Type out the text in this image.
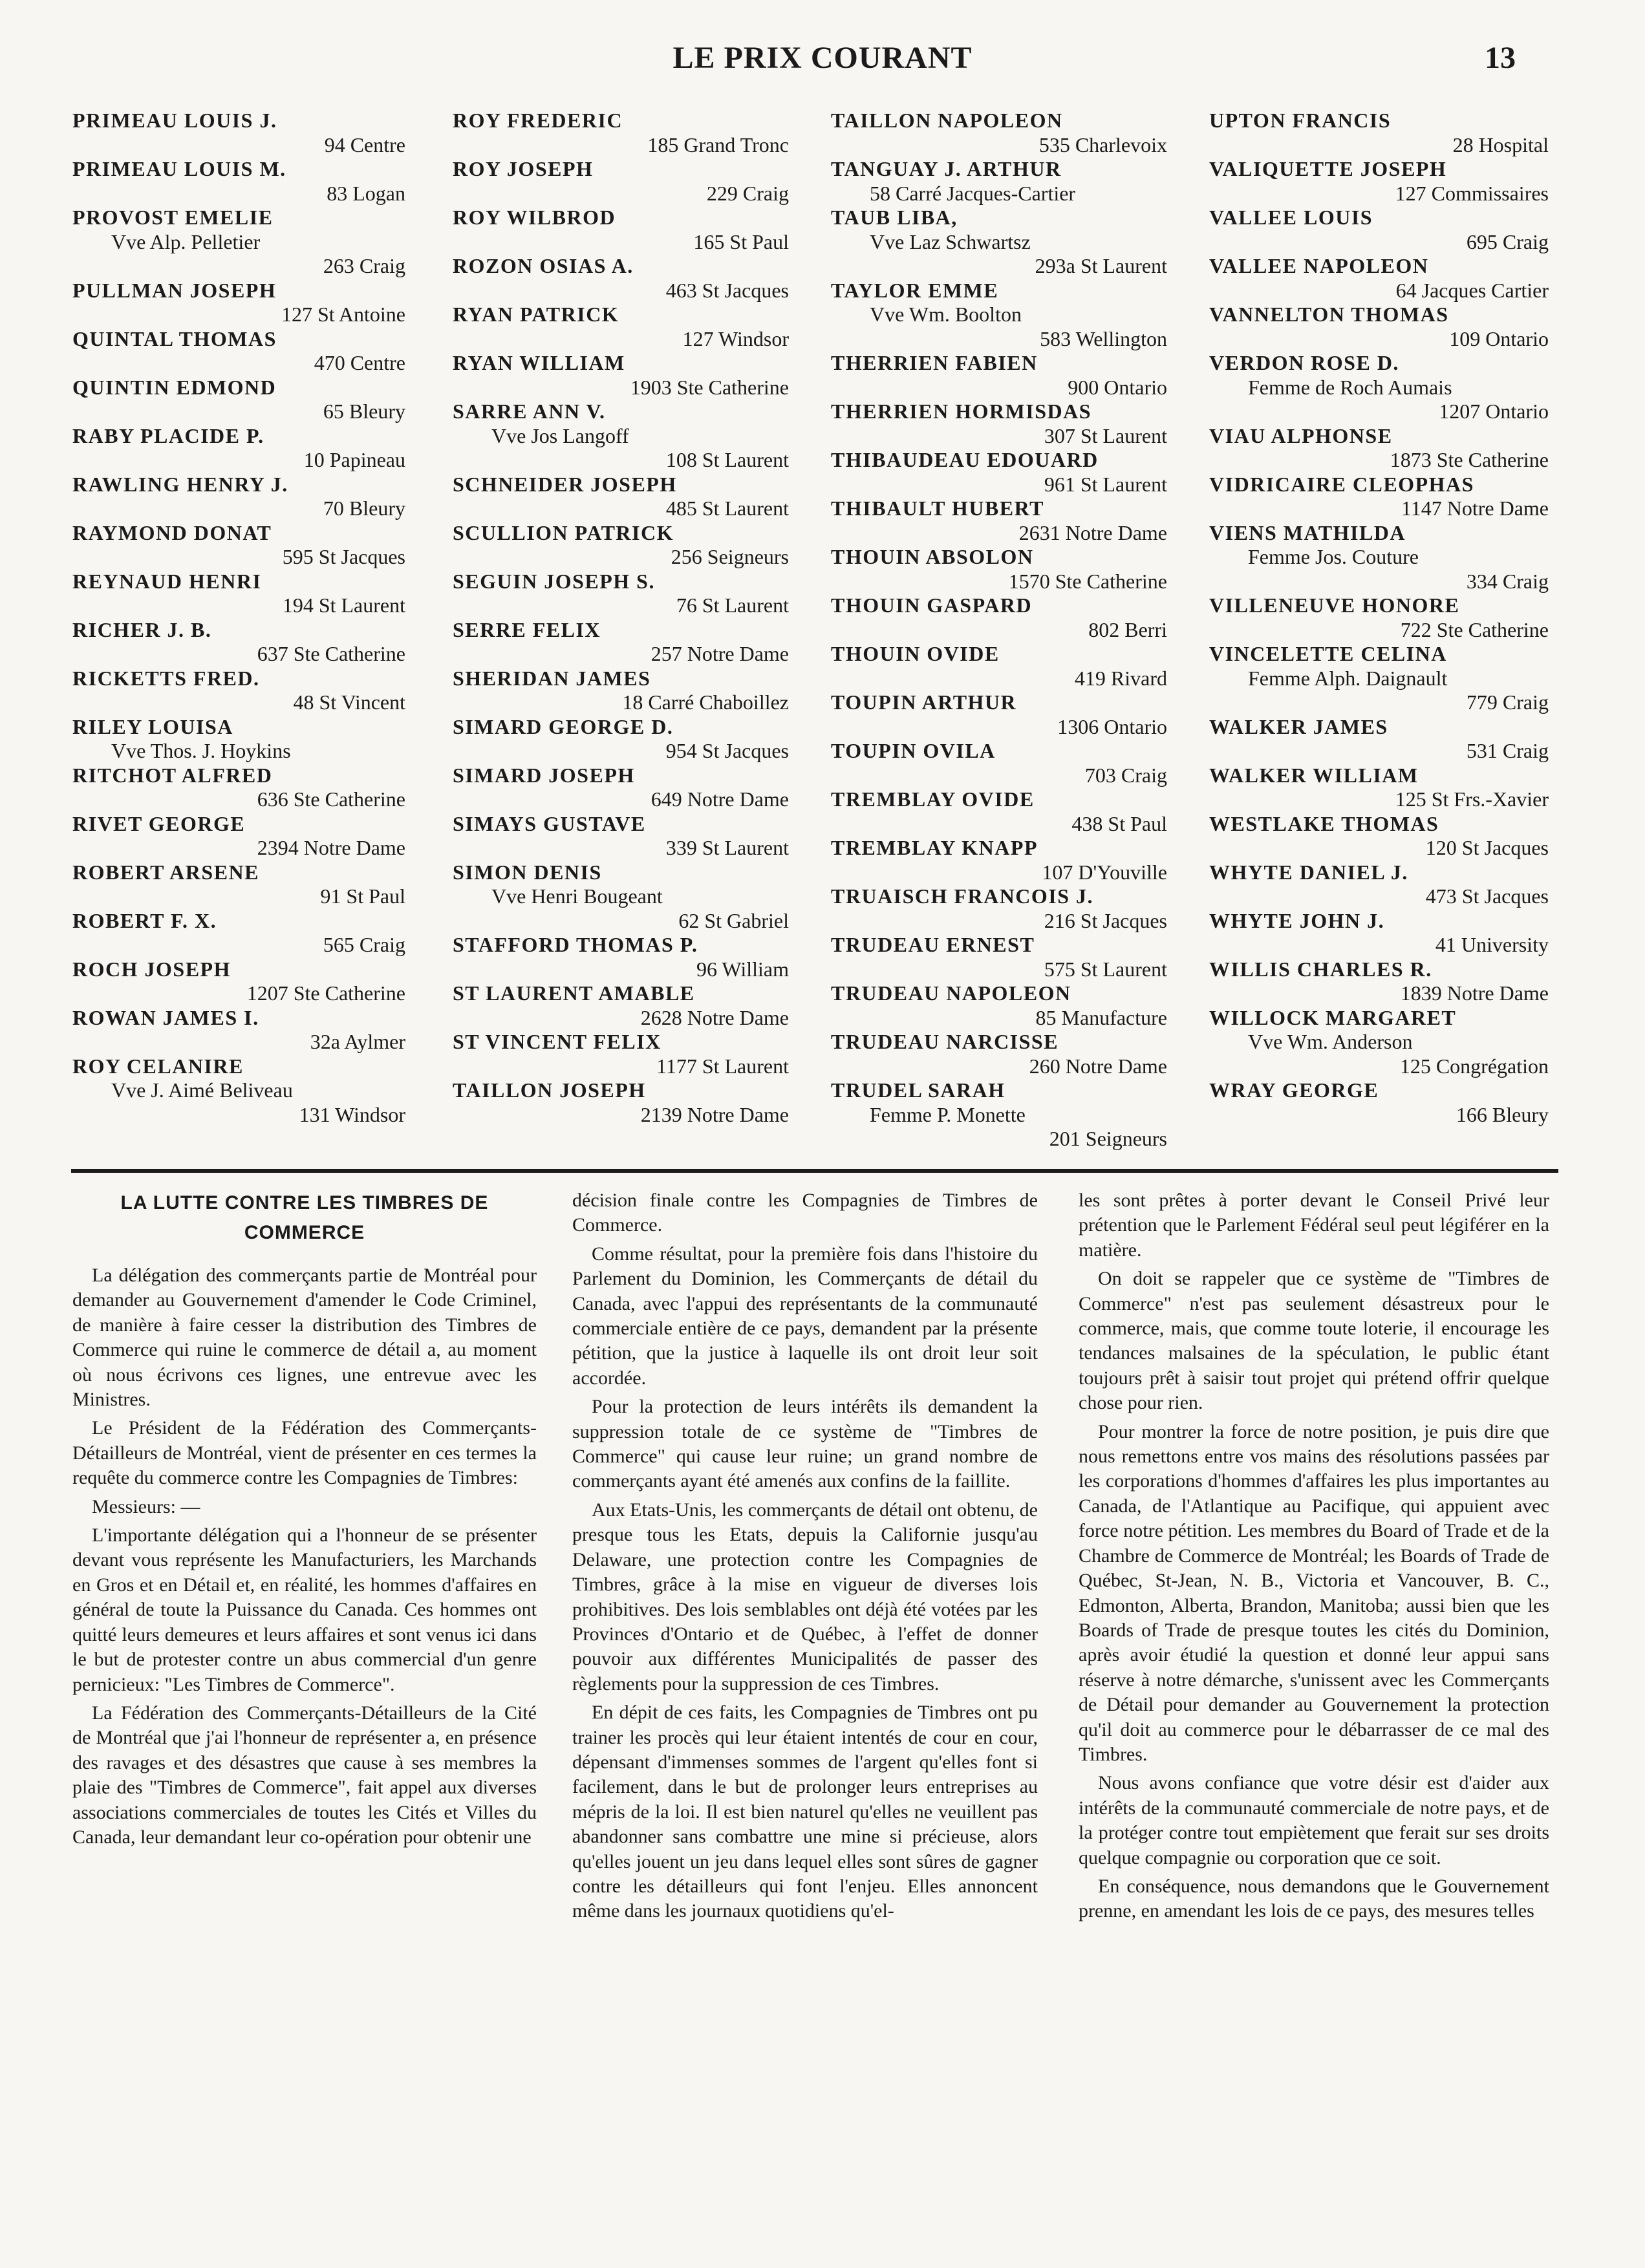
LE PRIX COURANT	13
PRIMEAU LOUIS J.
94 Centre
PRIMEAU LOUIS M.
83 Logan
PROVOST EMELIE
Vve Alp. Pelletier
263 Craig
PULLMAN JOSEPH
127 St Antoine
QUINTAL THOMAS
470 Centre
QUINTIN EDMOND
65 Bleury
RABY PLACIDE P.
10 Papineau
RAWLING HENRY J.
70 Bleury
RAYMOND DONAT
595 St Jacques
REYNAUD HENRI
194 St Laurent
RICHER J. B.
637 Ste Catherine
RICKETTS FRED.
48 St Vincent
RILEY LOUISA
Vve Thos. J. Hoykins
RITCHOT ALFRED
636 Ste Catherine
RIVET GEORGE
2394 Notre Dame
ROBERT ARSENE
91 St Paul
ROBERT F. X.
565 Craig
ROCH JOSEPH
1207 Ste Catherine
ROWAN JAMES I.
32a Aylmer
ROY CELANIRE
Vve J. Aimé Beliveau
131 Windsor
ROY FREDERIC
185 Grand Tronc
ROY JOSEPH
229 Craig
ROY WILBROD
165 St Paul
ROZON OSIAS A.
463 St Jacques
RYAN PATRICK
127 Windsor
RYAN WILLIAM
1903 Ste Catherine
SARRE ANN V.
Vve Jos Langoff
108 St Laurent
SCHNEIDER JOSEPH
485 St Laurent
SCULLION PATRICK
256 Seigneurs
SEGUIN JOSEPH S.
76 St Laurent
SERRE FELIX
257 Notre Dame
SHERIDAN JAMES
18 Carré Chaboillez
SIMARD GEORGE D.
954 St Jacques
SIMARD JOSEPH
649 Notre Dame
SIMAYS GUSTAVE
339 St Laurent
SIMON DENIS
Vve Henri Bougeant
62 St Gabriel
STAFFORD THOMAS P.
96 William
ST LAURENT AMABLE
2628 Notre Dame
ST VINCENT FELIX
1177 St Laurent
TAILLON JOSEPH
2139 Notre Dame
TAILLON NAPOLEON
535 Charlevoix
TANGUAY J. ARTHUR
58 Carré Jacques-Cartier
TAUB LIBA,
Vve Laz Schwartsz
293a St Laurent
TAYLOR EMME
Vve Wm. Boolton
583 Wellington
THERRIEN FABIEN
900 Ontario
THERRIEN HORMISDAS
307 St Laurent
THIBAUDEAU EDOUARD
961 St Laurent
THIBAULT HUBERT
2631 Notre Dame
THOUIN ABSOLON
1570 Ste Catherine
THOUIN GASPARD
802 Berri
THOUIN OVIDE
419 Rivard
TOUPIN ARTHUR
1306 Ontario
TOUPIN OVILA
703 Craig
TREMBLAY OVIDE
438 St Paul
TREMBLAY KNAPP
107 D'Youville
TRUAISCH FRANCOIS J.
216 St Jacques
TRUDEAU ERNEST
575 St Laurent
TRUDEAU NAPOLEON
85 Manufacture
TRUDEAU NARCISSE
260 Notre Dame
TRUDEL SARAH
Femme P. Monette
201 Seigneurs
UPTON FRANCIS
28 Hospital
VALIQUETTE JOSEPH
127 Commissaires
VALLEE LOUIS
695 Craig
VALLEE NAPOLEON
64 Jacques Cartier
VANNELTON THOMAS
109 Ontario
VERDON ROSE D.
Femme de Roch Aumais
1207 Ontario
VIAU ALPHONSE
1873 Ste Catherine
VIDRICAIRE CLEOPHAS
1147 Notre Dame
VIENS MATHILDA
Femme Jos. Couture
334 Craig
VILLENEUVE HONORE
722 Ste Catherine
VINCELETTE CELINA
Femme Alph. Daignault
779 Craig
WALKER JAMES
531 Craig
WALKER WILLIAM
125 St Frs.-Xavier
WESTLAKE THOMAS
120 St Jacques
WHYTE DANIEL J.
473 St Jacques
WHYTE JOHN J.
41 University
WILLIS CHARLES R.
1839 Notre Dame
WILLOCK MARGARET
Vve Wm. Anderson
125 Congrégation
WRAY GEORGE
166 Bleury
LA LUTTE CONTRE LES TIMBRES DE COMMERCE

La délégation des commerçants partie de Montréal pour demander au Gouvernement d'amender le Code Criminel, de manière à faire cesser la distribution des Timbres de Commerce qui ruine le commerce de détail a, au moment où nous écrivons ces lignes, une entrevue avec les Ministres.

Le Président de la Fédération des Commerçants-Détailleurs de Montréal, vient de présenter en ces termes la requête du commerce contre les Compagnies de Timbres:

Messieurs: —

L'importante délégation qui a l'honneur de se présenter devant vous représente les Manufacturiers, les Marchands en Gros et en Détail et, en réalité, les hommes d'affaires en général de toute la Puissance du Canada. Ces hommes ont quitté leurs demeures et leurs affaires et sont venus ici dans le but de protester contre un abus commercial d'un genre pernicieux: "Les Timbres de Commerce".

La Fédération des Commerçants-Détailleurs de la Cité de Montréal que j'ai l'honneur de représenter a, en présence des ravages et des désastres que cause à ses membres la plaie des "Timbres de Commerce", fait appel aux diverses associations commerciales de toutes les Cités et Villes du Canada, leur demandant leur co-opération pour obtenir une

décision finale contre les Compagnies de Timbres de Commerce.

Comme résultat, pour la première fois dans l'histoire du Parlement du Dominion, les Commerçants de détail du Canada, avec l'appui des représentants de la communauté commerciale entière de ce pays, demandent par la présente pétition, que la justice à laquelle ils ont droit leur soit accordée.

Pour la protection de leurs intérêts ils demandent la suppression totale de ce système de "Timbres de Commerce" qui cause leur ruine; un grand nombre de commerçants ayant été amenés aux confins de la faillite.

Aux Etats-Unis, les commerçants de détail ont obtenu, de presque tous les Etats, depuis la Californie jusqu'au Delaware, une protection contre les Compagnies de Timbres, grâce à la mise en vigueur de diverses lois prohibitives. Des lois semblables ont déjà été votées par les Provinces d'Ontario et de Québec, à l'effet de donner pouvoir aux différentes Municipalités de passer des règlements pour la suppression de ces Timbres.

En dépit de ces faits, les Compagnies de Timbres ont pu trainer les procès qui leur étaient intentés de cour en cour, dépensant d'immenses sommes de l'argent qu'elles font si facilement, dans le but de prolonger leurs entreprises au mépris de la loi. Il est bien naturel qu'elles ne veuillent pas abandonner sans combattre une mine si précieuse, alors qu'elles jouent un jeu dans lequel elles sont sûres de gagner contre les détailleurs qui font l'enjeu. Elles annoncent même dans les journaux quotidiens qu'el-

les sont prêtes à porter devant le Conseil Privé leur prétention que le Parlement Fédéral seul peut légiférer en la matière.

On doit se rappeler que ce système de "Timbres de Commerce" n'est pas seulement désastreux pour le commerce, mais, que comme toute loterie, il encourage les tendances malsaines de la spéculation, le public étant toujours prêt à saisir tout projet qui prétend offrir quelque chose pour rien.

Pour montrer la force de notre position, je puis dire que nous remettons entre vos mains des résolutions passées par les corporations d'hommes d'affaires les plus importantes au Canada, de l'Atlantique au Pacifique, qui appuient avec force notre pétition. Les membres du Board of Trade et de la Chambre de Commerce de Montréal; les Boards of Trade de Québec, St-Jean, N. B., Victoria et Vancouver, B. C., Edmonton, Alberta, Brandon, Manitoba; aussi bien que les Boards of Trade de presque toutes les cités du Dominion, après avoir étudié la question et donné leur appui sans réserve à notre démarche, s'unissent avec les Commerçants de Détail pour demander au Gouvernement la protection qu'il doit au commerce pour le débarrasser de ce mal des Timbres.

Nous avons confiance que votre désir est d'aider aux intérêts de la communauté commerciale de notre pays, et de la protéger contre tout empiètement que ferait sur ses droits quelque compagnie ou corporation que ce soit.

En conséquence, nous demandons que le Gouvernement prenne, en amendant les lois de ce pays, des mesures telles
